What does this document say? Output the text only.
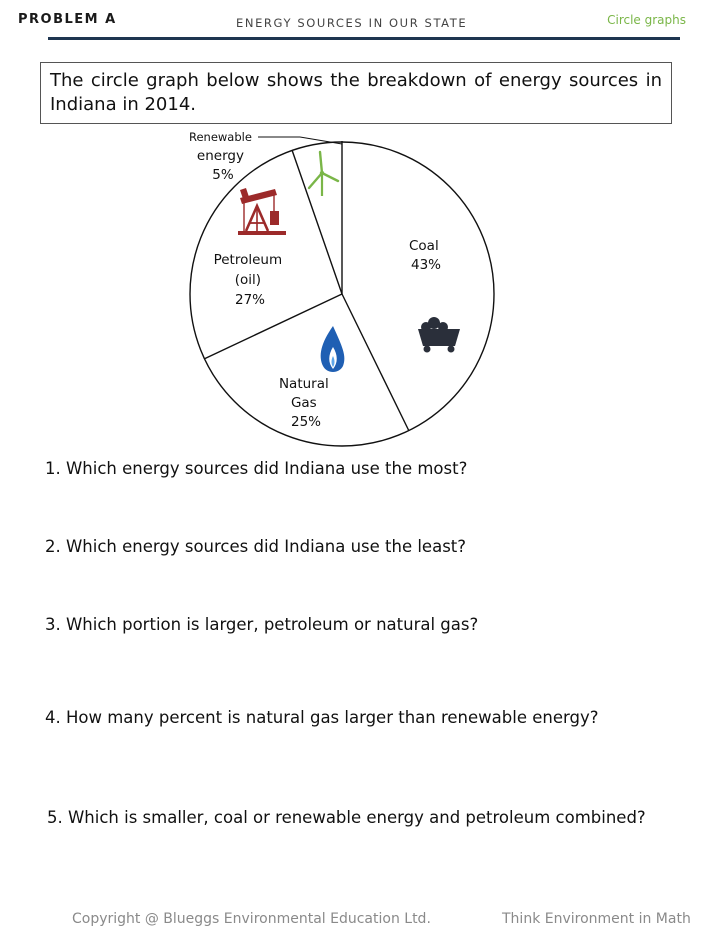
PROBLEM A	ENERGY SOURCES IN OUR STATE	Circle graphs
The circle graph below shows the breakdown of energy sources in Indiana in 2014.
Coal 43%
Natural Gas 25%
Petroleum (oil) 27%
Renewable energy 5%
1. Which energy sources did Indiana use the most?
2. Which energy sources did Indiana use the least?
3. Which portion is larger, petroleum or natural gas?
4. How many percent is natural gas larger than renewable energy?
5. Which is smaller, coal or renewable energy and petroleum combined?
Copyright @ Blueggs Environmental Education Ltd.	Think Environment in Math
